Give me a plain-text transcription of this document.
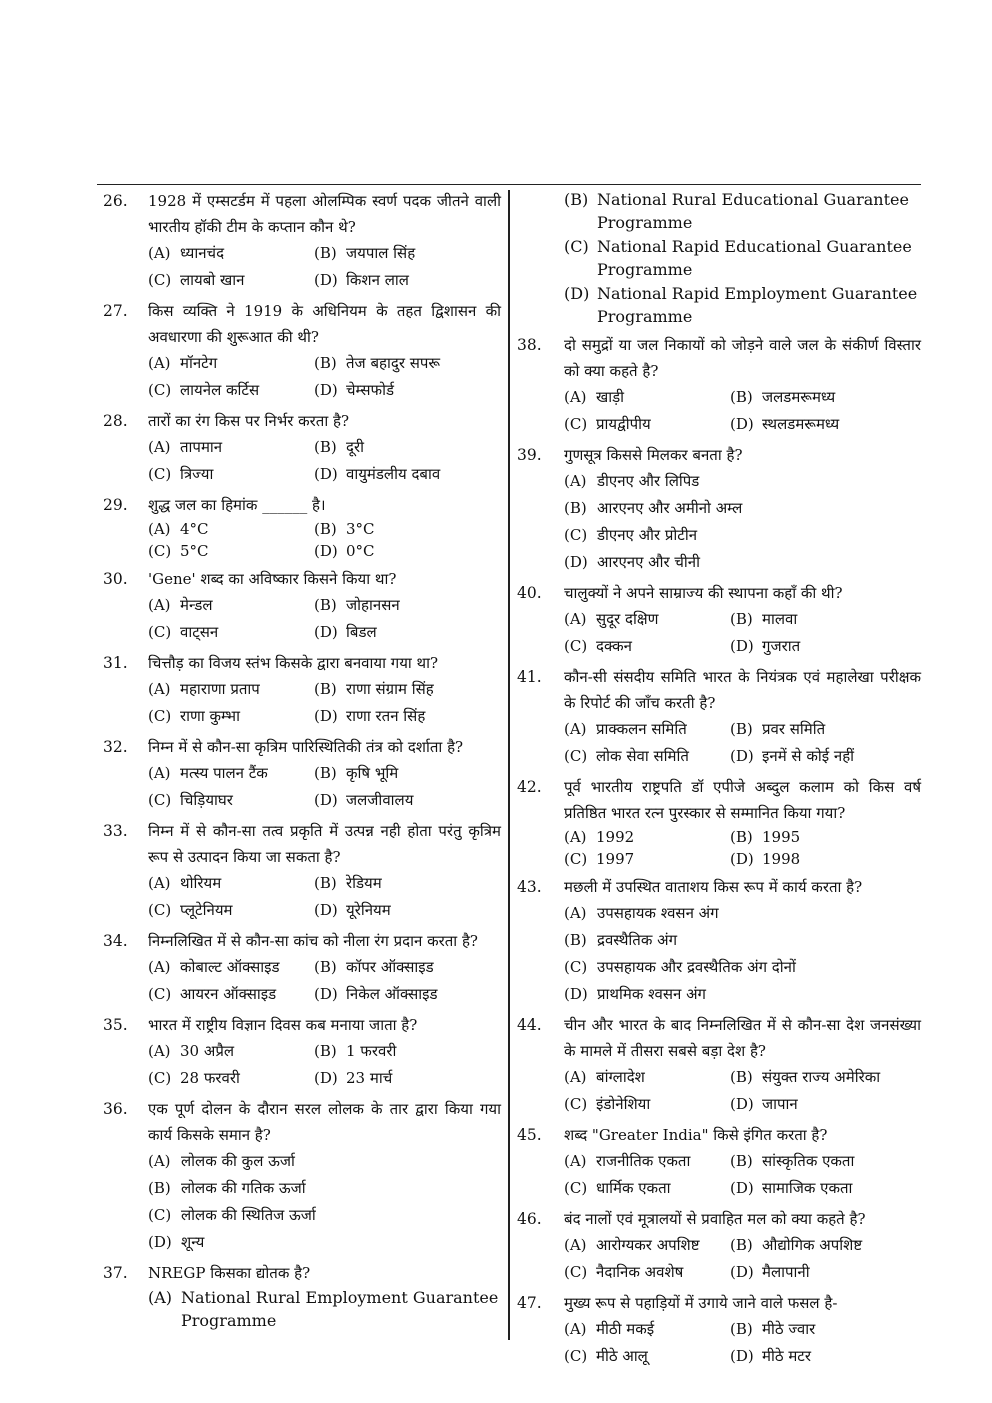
26. 1928 में एम्सटर्डम में पहला ओलम्पिक स्वर्ण पदक जीतने वाली भारतीय हॉकी टीम के कप्तान कौन थे?
(A) ध्यानचंद	(B) जयपाल सिंह
(C) लायबो खान	(D) किशन लाल
27. किस व्यक्ति ने 1919 के अधिनियम के तहत द्विशासन की अवधारणा की शुरूआत की थी?
(A) मॉनटेग	(B) तेज बहादुर सपरू
(C) लायनेल कर्टिस	(D) चेम्सफोर्ड
28. तारों का रंग किस पर निर्भर करता है?
(A) तापमान	(B) दूरी
(C) त्रिज्या	(D) वायुमंडलीय दबाव
29. शुद्ध जल का हिमांक ______ है।
(A) 4°C	(B) 3°C
(C) 5°C	(D) 0°C
30. 'Gene' शब्द का अविष्कार किसने किया था?
(A) मेन्डल	(B) जोहानसन
(C) वाट्सन	(D) बिडल
31. चित्तौड़ का विजय स्तंभ किसके द्वारा बनवाया गया था?
(A) महाराणा प्रताप	(B) राणा संग्राम सिंह
(C) राणा कुम्भा	(D) राणा रतन सिंह
32. निम्न में से कौन-सा कृत्रिम पारिस्थितिकी तंत्र को दर्शाता है?
(A) मत्स्य पालन टैंक	(B) कृषि भूमि
(C) चिड़ियाघर	(D) जलजीवालय
33. निम्न में से कौन-सा तत्व प्रकृति में उत्पन्न नही होता परंतु कृत्रिम रूप से उत्पादन किया जा सकता है?
(A) थोरियम	(B) रेडियम
(C) प्लूटेनियम	(D) यूरेनियम
34. निम्नलिखित में से कौन-सा कांच को नीला रंग प्रदान करता है?
(A) कोबाल्ट ऑक्साइड	(B) कॉपर ऑक्साइड
(C) आयरन ऑक्साइड	(D) निकेल ऑक्साइड
35. भारत में राष्ट्रीय विज्ञान दिवस कब मनाया जाता है?
(A) 30 अप्रैल	(B) 1 फरवरी
(C) 28 फरवरी	(D) 23 मार्च
36. एक पूर्ण दोलन के दौरान सरल लोलक के तार द्वारा किया गया कार्य किसके समान है?
(A) लोलक की कुल ऊर्जा
(B) लोलक की गतिक ऊर्जा
(C) लोलक की स्थितिज ऊर्जा
(D) शून्य
37. NREGP किसका द्योतक है?
(A) National Rural Employment Guarantee Programme
(B) National Rural Educational Guarantee Programme
(C) National Rapid Educational Guarantee Programme
(D) National Rapid Employment Guarantee Programme
38. दो समुद्रों या जल निकायों को जोड़ने वाले जल के संकीर्ण विस्तार को क्या कहते है?
(A) खाड़ी	(B) जलडमरूमध्य
(C) प्रायद्वीपीय	(D) स्थलडमरूमध्य
39. गुणसूत्र किससे मिलकर बनता है?
(A) डीएनए और लिपिड
(B) आरएनए और अमीनो अम्ल
(C) डीएनए और प्रोटीन
(D) आरएनए और चीनी
40. चालुक्यों ने अपने साम्राज्य की स्थापना कहाँ की थी?
(A) सुदूर दक्षिण	(B) मालवा
(C) दक्कन	(D) गुजरात
41. कौन-सी संसदीय समिति भारत के नियंत्रक एवं महालेखा परीक्षक के रिपोर्ट की जाँच करती है?
(A) प्राक्कलन समिति	(B) प्रवर समिति
(C) लोक सेवा समिति	(D) इनमें से कोई नहीं
42. पूर्व भारतीय राष्ट्रपति डॉ एपीजे अब्दुल कलाम को किस वर्ष प्रतिष्ठित भारत रत्न पुरस्कार से सम्मानित किया गया?
(A) 1992	(B) 1995
(C) 1997	(D) 1998
43. मछली में उपस्थित वाताशय किस रूप में कार्य करता है?
(A) उपसहायक श्वसन अंग
(B) द्रवस्थैतिक अंग
(C) उपसहायक और द्रवस्थैतिक अंग दोनों
(D) प्राथमिक श्वसन अंग
44. चीन और भारत के बाद निम्नलिखित में से कौन-सा देश जनसंख्या के मामले में तीसरा सबसे बड़ा देश है?
(A) बांग्लादेश	(B) संयुक्त राज्य अमेरिका
(C) इंडोनेशिया	(D) जापान
45. शब्द "Greater India" किसे इंगित करता है?
(A) राजनीतिक एकता	(B) सांस्कृतिक एकता
(C) धार्मिक एकता	(D) सामाजिक एकता
46. बंद नालों एवं मूत्रालयों से प्रवाहित मल को क्या कहते है?
(A) आरोग्यकर अपशिष्ट	(B) औद्योगिक अपशिष्ट
(C) नैदानिक अवशेष	(D) मैलापानी
47. मुख्य रूप से पहाड़ियों में उगाये जाने वाले फसल है-
(A) मीठी मकई	(B) मीठे ज्वार
(C) मीठे आलू	(D) मीठे मटर
